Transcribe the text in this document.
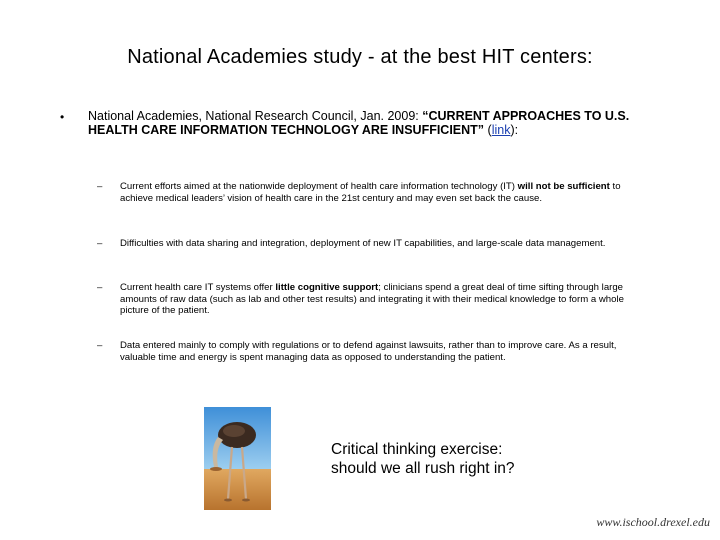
National Academies study - at the best HIT centers:
• National Academies, National Research Council, Jan. 2009: “CURRENT APPROACHES TO U.S. HEALTH CARE INFORMATION TECHNOLOGY ARE INSUFFICIENT” (link):
– Current efforts aimed at the nationwide deployment of health care information technology (IT) will not be sufficient to achieve medical leaders’ vision of health care in the 21st century and may even set back the cause.
– Difficulties with data sharing and integration, deployment of new IT capabilities, and large-scale data management.
– Current health care IT systems offer little cognitive support; clinicians spend a great deal of time sifting through large amounts of raw data (such as lab and other test results) and integrating it with their medical knowledge to form a whole picture of the patient.
– Data entered mainly to comply with regulations or to defend against lawsuits, rather than to improve care. As a result, valuable time and energy is spent managing data as opposed to understanding the patient.
Critical thinking exercise:
should we all rush right in?
www.ischool.drexel.edu
